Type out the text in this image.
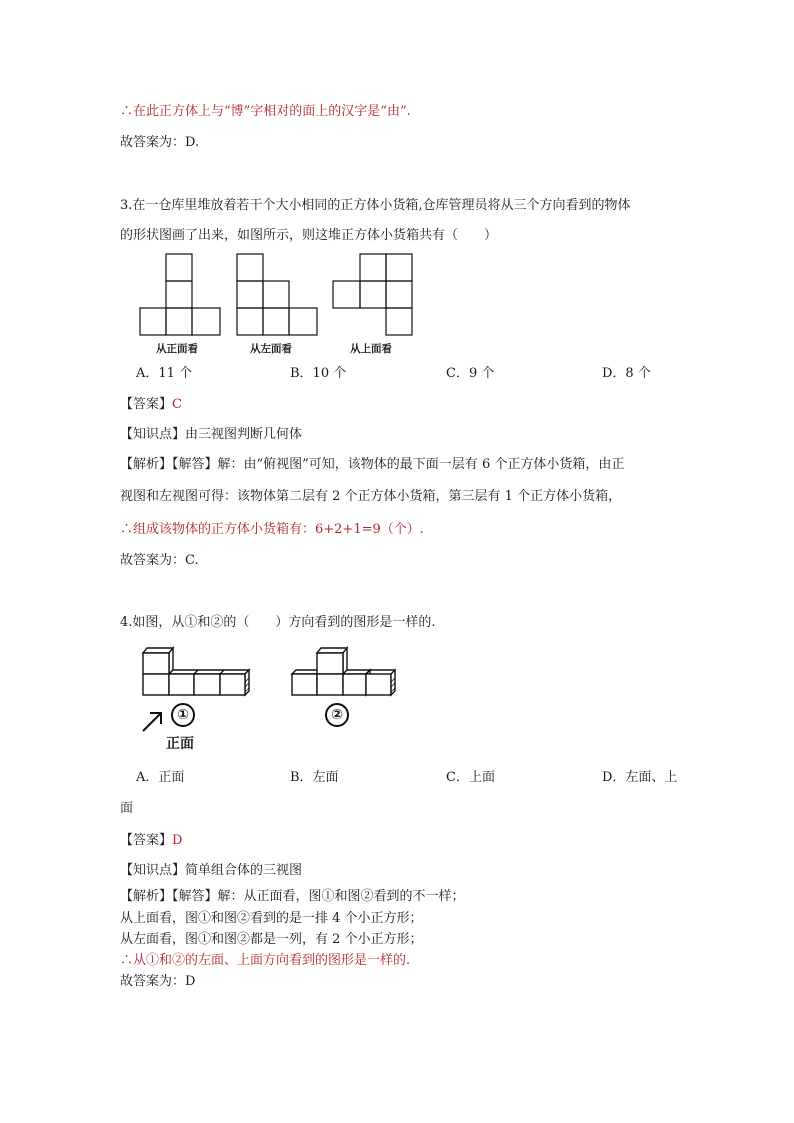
∴在此正方体上与“博”字相对的面上的汉字是“由”.
故答案为：D.
3.在一仓库里堆放着若干个大小相同的正方体小货箱,仓库管理员将从三个方向看到的物体
的形状图画了出来，如图所示，则这堆正方体小货箱共有（　　）
从正面看	从左面看	从上面看
A．11 个	B．10 个	C．9 个	D．8 个
【答案】C
【知识点】由三视图判断几何体
【解析】【解答】解：由“俯视图”可知，该物体的最下面一层有 6 个正方体小货箱，由正
视图和左视图可得：该物体第二层有 2 个正方体小货箱，第三层有 1 个正方体小货箱，
∴组成该物体的正方体小货箱有：6+2+1=9（个）.
故答案为：C.
4.如图，从①和②的（　　）方向看到的图形是一样的.
①	②
正面
A．正面	B．左面	C．上面	D．左面、上
面
【答案】D
【知识点】简单组合体的三视图
【解析】【解答】解：从正面看，图①和图②看到的不一样；
从上面看，图①和图②看到的是一排 4 个小正方形；
从左面看，图①和图②都是一列，有 2 个小正方形；
∴从①和②的左面、上面方向看到的图形是一样的.
故答案为：D
